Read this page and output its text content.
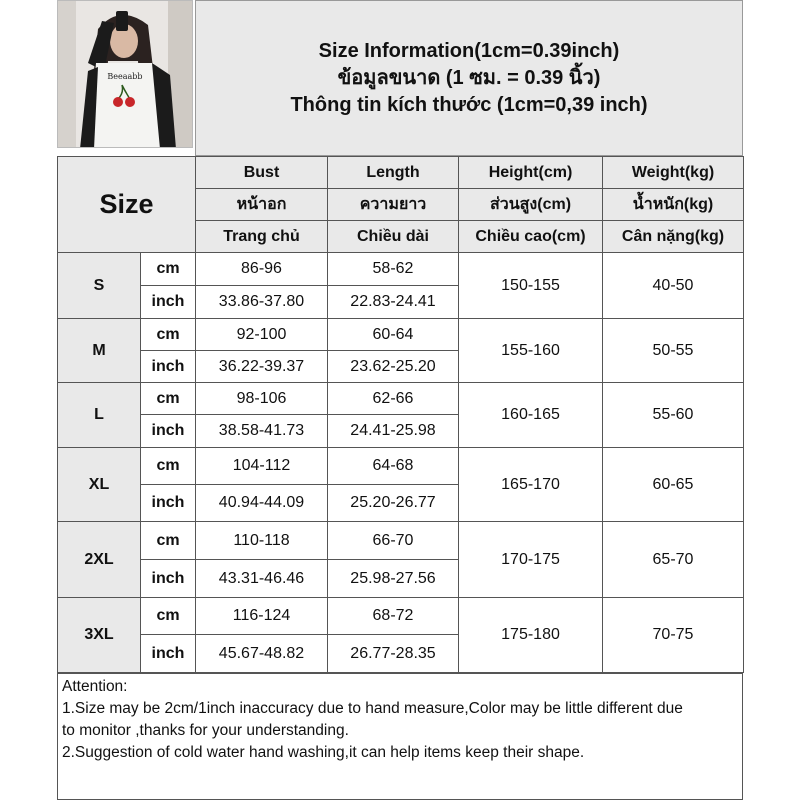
Beeaabb
Size Information(1cm=0.39inch)
ข้อมูลขนาด (1 ซม. = 0.39 นิ้ว)
Thông tin kích thước (1cm=0,39 inch)
Size		Bust	Length	Height(cm)	Weight(kg)
		หน้าอก	ความยาว	ส่วนสูง(cm)	น้ำหนัก(kg)
		Trang chủ	Chiều dài	Chiều cao(cm)	Cân nặng(kg)
S	cm	86-96	58-62	150-155	40-50
	inch	33.86-37.80	22.83-24.41		
M	cm	92-100	60-64	155-160	50-55
	inch	36.22-39.37	23.62-25.20		
L	cm	98-106	62-66	160-165	55-60
	inch	38.58-41.73	24.41-25.98		
XL	cm	104-112	64-68	165-170	60-65
	inch	40.94-44.09	25.20-26.77		
2XL	cm	110-118	66-70	170-175	65-70
	inch	43.31-46.46	25.98-27.56		
3XL	cm	116-124	68-72	175-180	70-75
	inch	45.67-48.82	26.77-28.35		
Attention:
1.Size may be 2cm/1inch inaccuracy due to hand measure,Color may be little different due
to monitor ,thanks for your understanding.
2.Suggestion of cold water hand washing,it can help items keep their shape.
